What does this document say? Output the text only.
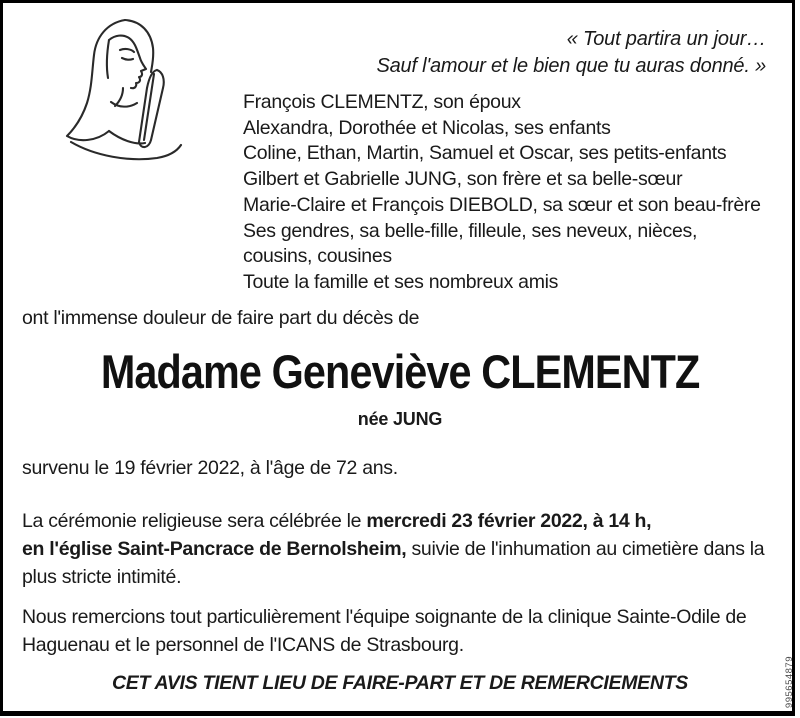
« Tout partira un jour…
Sauf l'amour et le bien que tu auras donné. »
François CLEMENTZ, son époux
Alexandra, Dorothée et Nicolas, ses enfants
Coline, Ethan, Martin, Samuel et Oscar, ses petits-enfants
Gilbert et Gabrielle JUNG, son frère et sa belle-sœur
Marie-Claire et François DIEBOLD, sa sœur et son beau-frère
Ses gendres, sa belle-fille, filleule, ses neveux, nièces,
cousins, cousines
Toute la famille et ses nombreux amis
ont l'immense douleur de faire part du décès de
Madame Geneviève CLEMENTZ
née JUNG
survenu le 19 février 2022, à l'âge de 72 ans.

La cérémonie religieuse sera célébrée le mercredi 23 février 2022, à 14 h,
en l'église Saint-Pancrace de Bernolsheim, suivie de l'inhumation au cimetière dans la plus stricte intimité.

Nous remercions tout particulièrement l'équipe soignante de la clinique Sainte-Odile de Haguenau et le personnel de l'ICANS de Strasbourg.

CET AVIS TIENT LIEU DE FAIRE-PART ET DE REMERCIEMENTS	995654879
